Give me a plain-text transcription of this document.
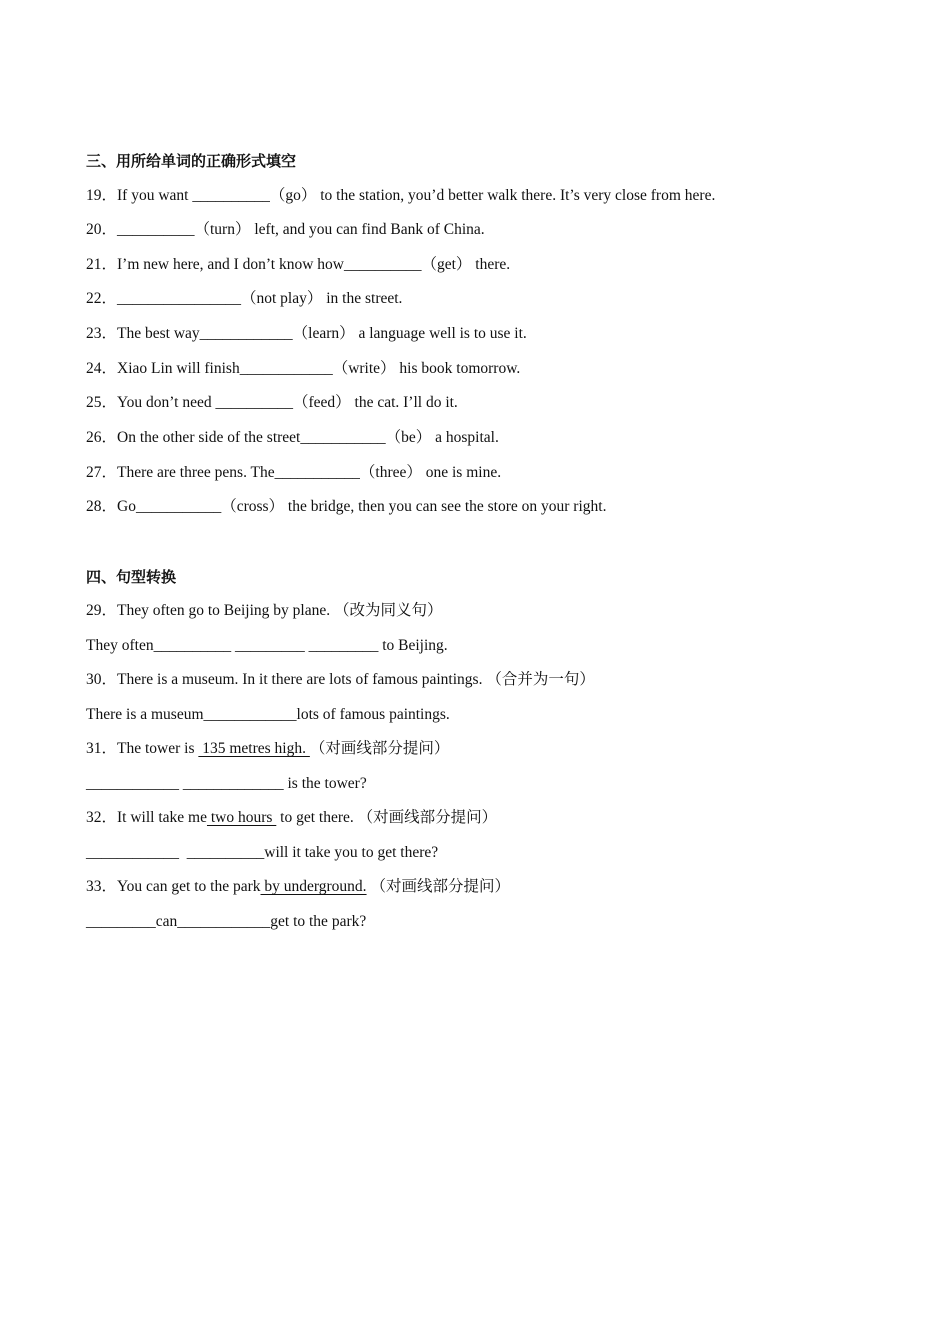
三、用所给单词的正确形式填空
19．If you want __________（go） to the station, you’d better walk there. It’s very close from here.
20．__________（turn） left, and you can find Bank of China.
21．I’m new here, and I don’t know how__________（get） there.
22．________________（not play） in the street.
23．The best way____________（learn） a language well is to use it.
24．Xiao Lin will finish____________（write） his book tomorrow.
25．You don’t need __________（feed） the cat. I’ll do it.
26．On the other side of the street___________（be） a hospital.
27．There are three pens. The___________（three） one is mine.
28．Go___________（cross） the bridge, then you can see the store on your right.
四、句型转换
29．They often go to Beijing by plane. （改为同义句）
They often__________ _________ _________ to Beijing.
30．There is a museum. In it there are lots of famous paintings. （合并为一句）
There is a museum____________lots of famous paintings.
31．The tower is  135 metres high. （对画线部分提问）
____________ _____________ is the tower?
32．It will take me two hours  to get there. （对画线部分提问）
____________  __________will it take you to get there?
33．You can get to the park by underground. （对画线部分提问）
_________can____________get to the park?
